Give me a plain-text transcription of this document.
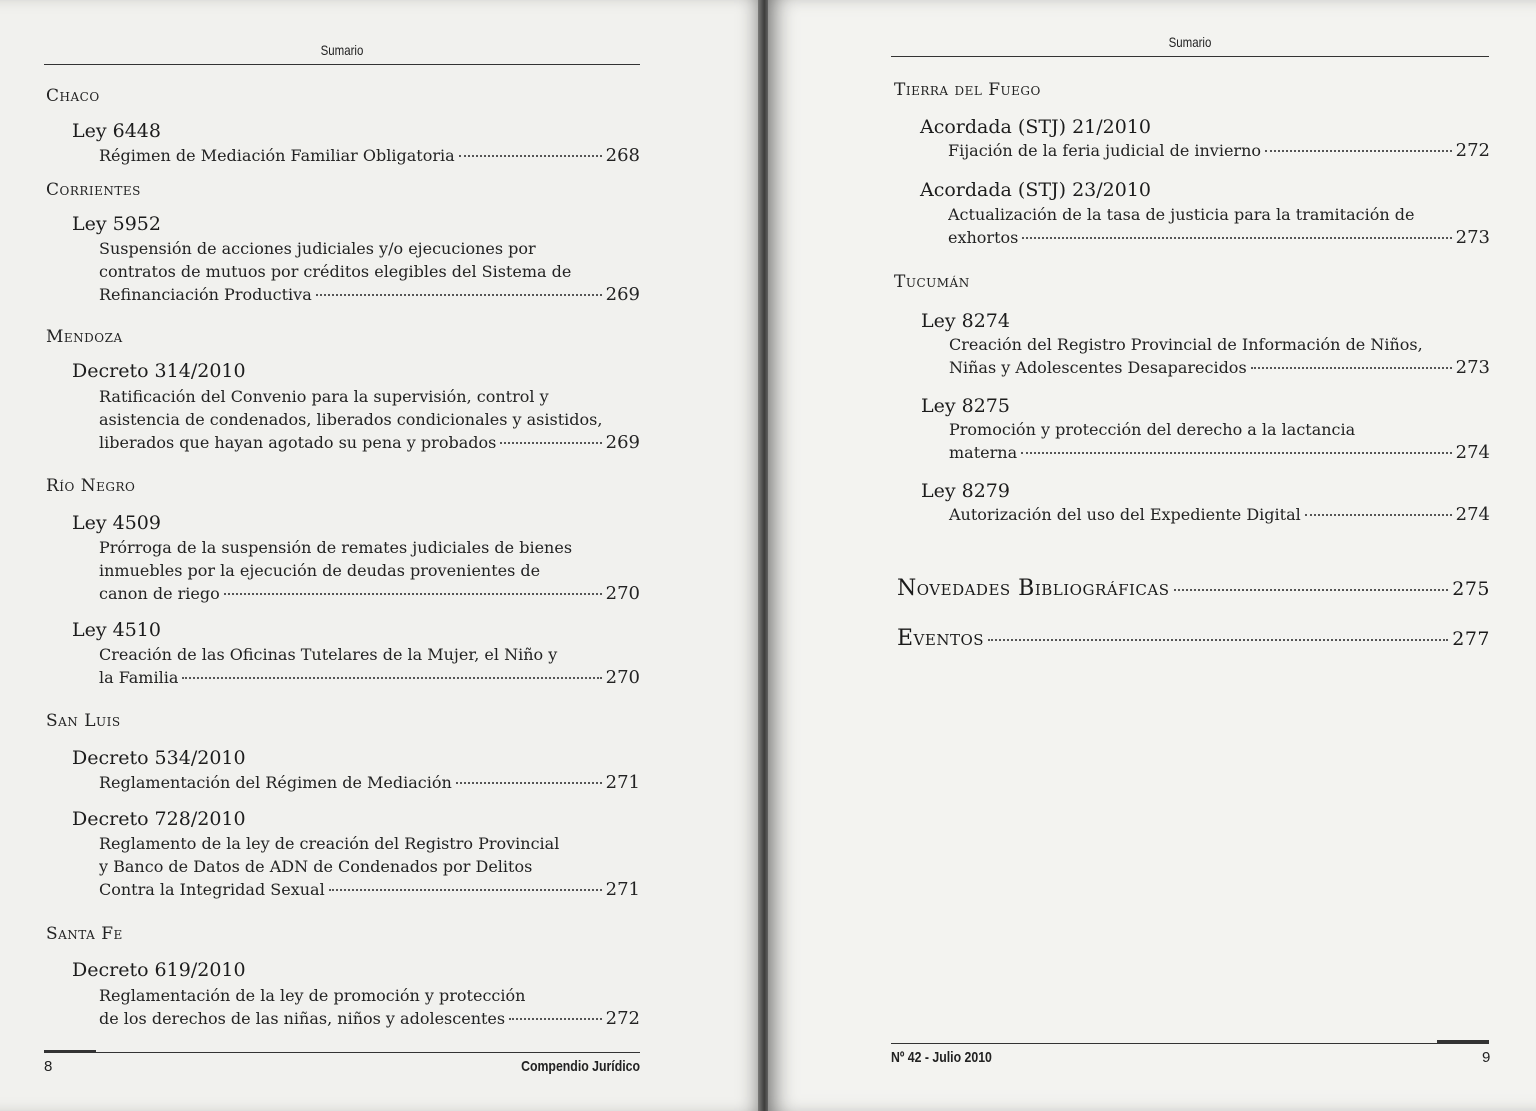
Sumario
Chaco
Ley 6448
Régimen de Mediación Familiar Obligatoria	268
Corrientes
Ley 5952
Suspensión de acciones judiciales y/o ejecuciones por
contratos de mutuos por créditos elegibles del Sistema de
Refinanciación Productiva	269
Mendoza
Decreto 314/2010
Ratificación del Convenio para la supervisión, control y
asistencia de condenados, liberados condicionales y asistidos,
liberados que hayan agotado su pena y probados	269
Río Negro
Ley 4509
Prórroga de la suspensión de remates judiciales de bienes
inmuebles por la ejecución de deudas provenientes de
canon de riego	270
Ley 4510
Creación de las Oficinas Tutelares de la Mujer, el Niño y
la Familia	270
San Luis
Decreto 534/2010
Reglamentación del Régimen de Mediación	271
Decreto 728/2010
Reglamento de la ley de creación del Registro Provincial
y Banco de Datos de ADN de Condenados por Delitos
Contra la Integridad Sexual	271
Santa Fe
Decreto 619/2010
Reglamentación de la ley de promoción y protección
de los derechos de las niñas, niños y adolescentes	272
8	Compendio Jurídico
Sumario
Tierra del Fuego
Acordada (STJ) 21/2010
Fijación de la feria judicial de invierno	272
Acordada (STJ) 23/2010
Actualización de la tasa de justicia para la tramitación de
exhortos	273
Tucumán
Ley 8274
Creación del Registro Provincial de Información de Niños,
Niñas y Adolescentes Desaparecidos	273
Ley 8275
Promoción y protección del derecho a la lactancia
materna	274
Ley 8279
Autorización del uso del Expediente Digital	274
Novedades Bibliográficas	275
Eventos	277
Nº 42 - Julio 2010	9
